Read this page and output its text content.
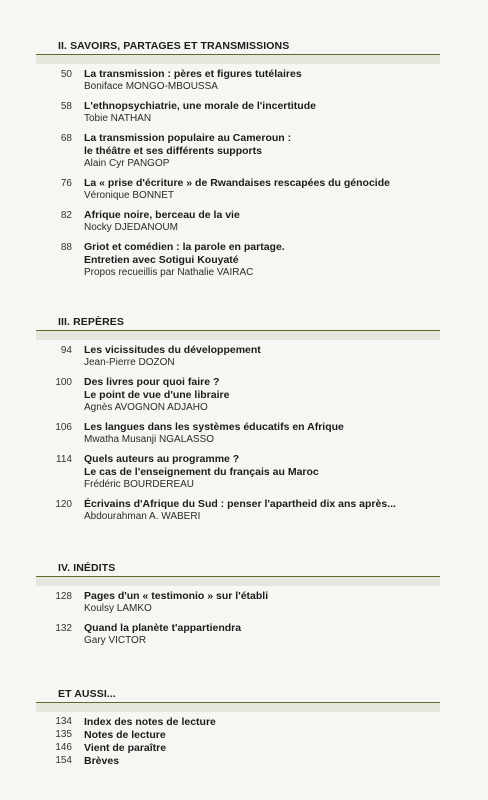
II. SAVOIRS, PARTAGES ET TRANSMISSIONS
50 La transmission : pères et figures tutélaires
Boniface MONGO-MBOUSSA
58 L'ethnopsychiatrie, une morale de l'incertitude
Tobie NATHAN
68 La transmission populaire au Cameroun :
le théâtre et ses différents supports
Alain Cyr PANGOP
76 La « prise d'écriture » de Rwandaises rescapées du génocide
Véronique BONNET
82 Afrique noire, berceau de la vie
Nocky DJEDANOUM
88 Griot et comédien : la parole en partage.
Entretien avec Sotigui Kouyaté
Propos recueillis par Nathalie VAIRAC
III. REPÈRES
94 Les vicissitudes du développement
Jean-Pierre DOZON
100 Des livres pour quoi faire ?
Le point de vue d'une libraire
Agnès AVOGNON ADJAHO
106 Les langues dans les systèmes éducatifs en Afrique
Mwatha Musanji NGALASSO
114 Quels auteurs au programme ?
Le cas de l'enseignement du français au Maroc
Frédéric BOURDEREAU
120 Écrivains d'Afrique du Sud : penser l'apartheid dix ans après...
Abdourahman A. WABERI
IV. INÉDITS
128 Pages d'un « testimonio » sur l'établi
Koulsy LAMKO
132 Quand la planète t'appartiendra
Gary VICTOR
ET AUSSI...
134 Index des notes de lecture
135 Notes de lecture
146 Vient de paraître
154 Brèves
